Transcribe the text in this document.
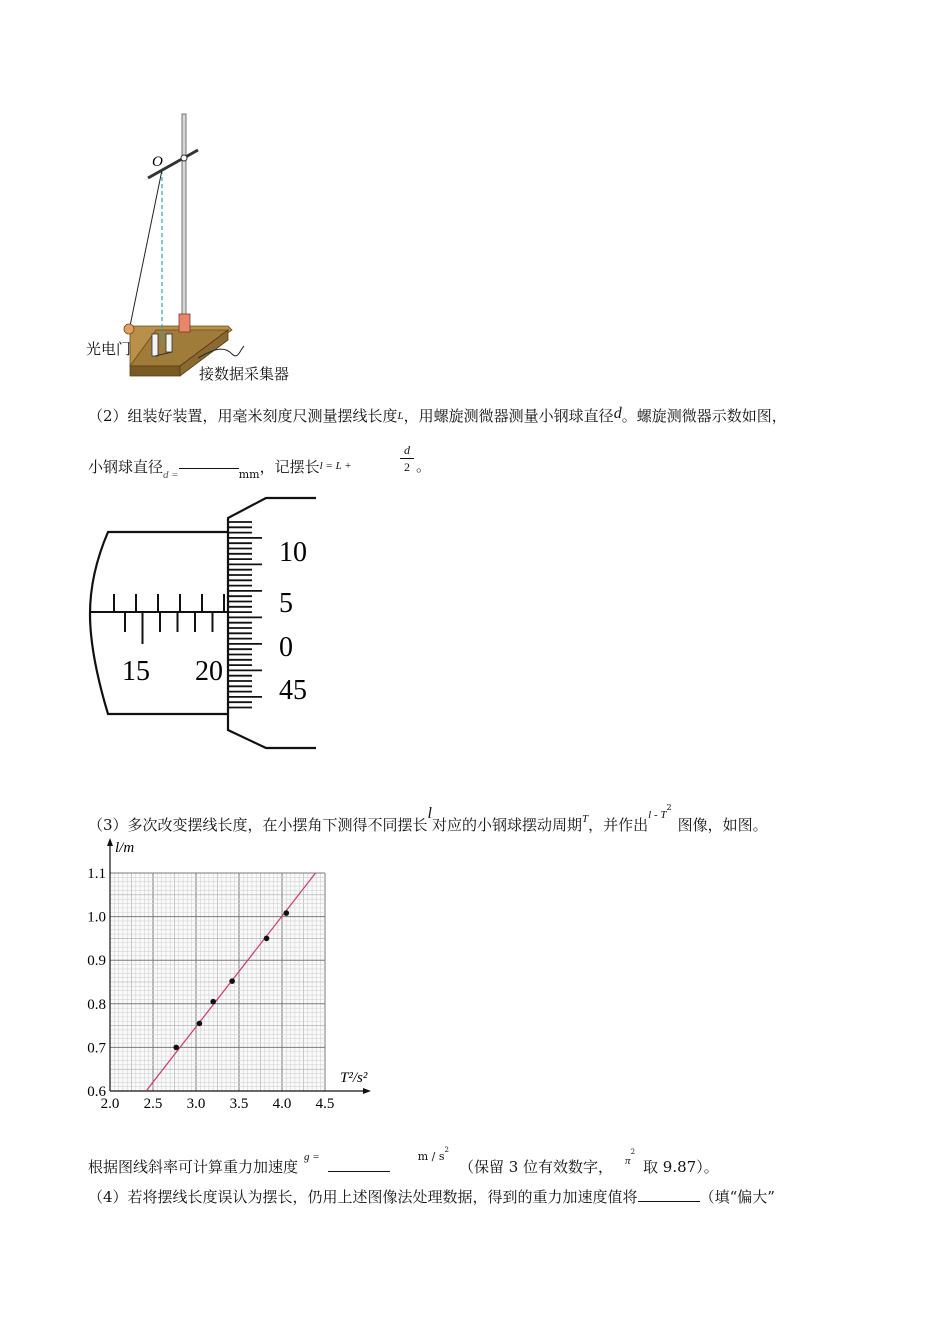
O
光电门
接数据采集器
（2）组装好装置，用毫米刻度尺测量摆线长度L，用螺旋测微器测量小钢球直径d。螺旋测微器示数如图，
小钢球直径$_{d =}$	$_{mm}$，记摆长$^{l = L +}$
d
2 。
15 20
10
5
0
45
（3）多次改变摆线长度，在小摆角下测得不同摆长l对应的小钢球摆动周期$^T$，并作出$^{l - T2}$图像，如图。
2.0 2.5 3.0 3.5 4.0 4.5
0.6
0.7
0.8
0.9
1.0
1.1
l/m
T²/s²
根据图线斜率可计算重力加速度$^{g =}$	$^{m / s2}$（保留 3 位有效数字， $^{\pi 2}$取 9.87）。
（4）若将摆线长度误认为摆长，仍用上述图像法处理数据，得到的重力加速度值将	（填“偏大”
